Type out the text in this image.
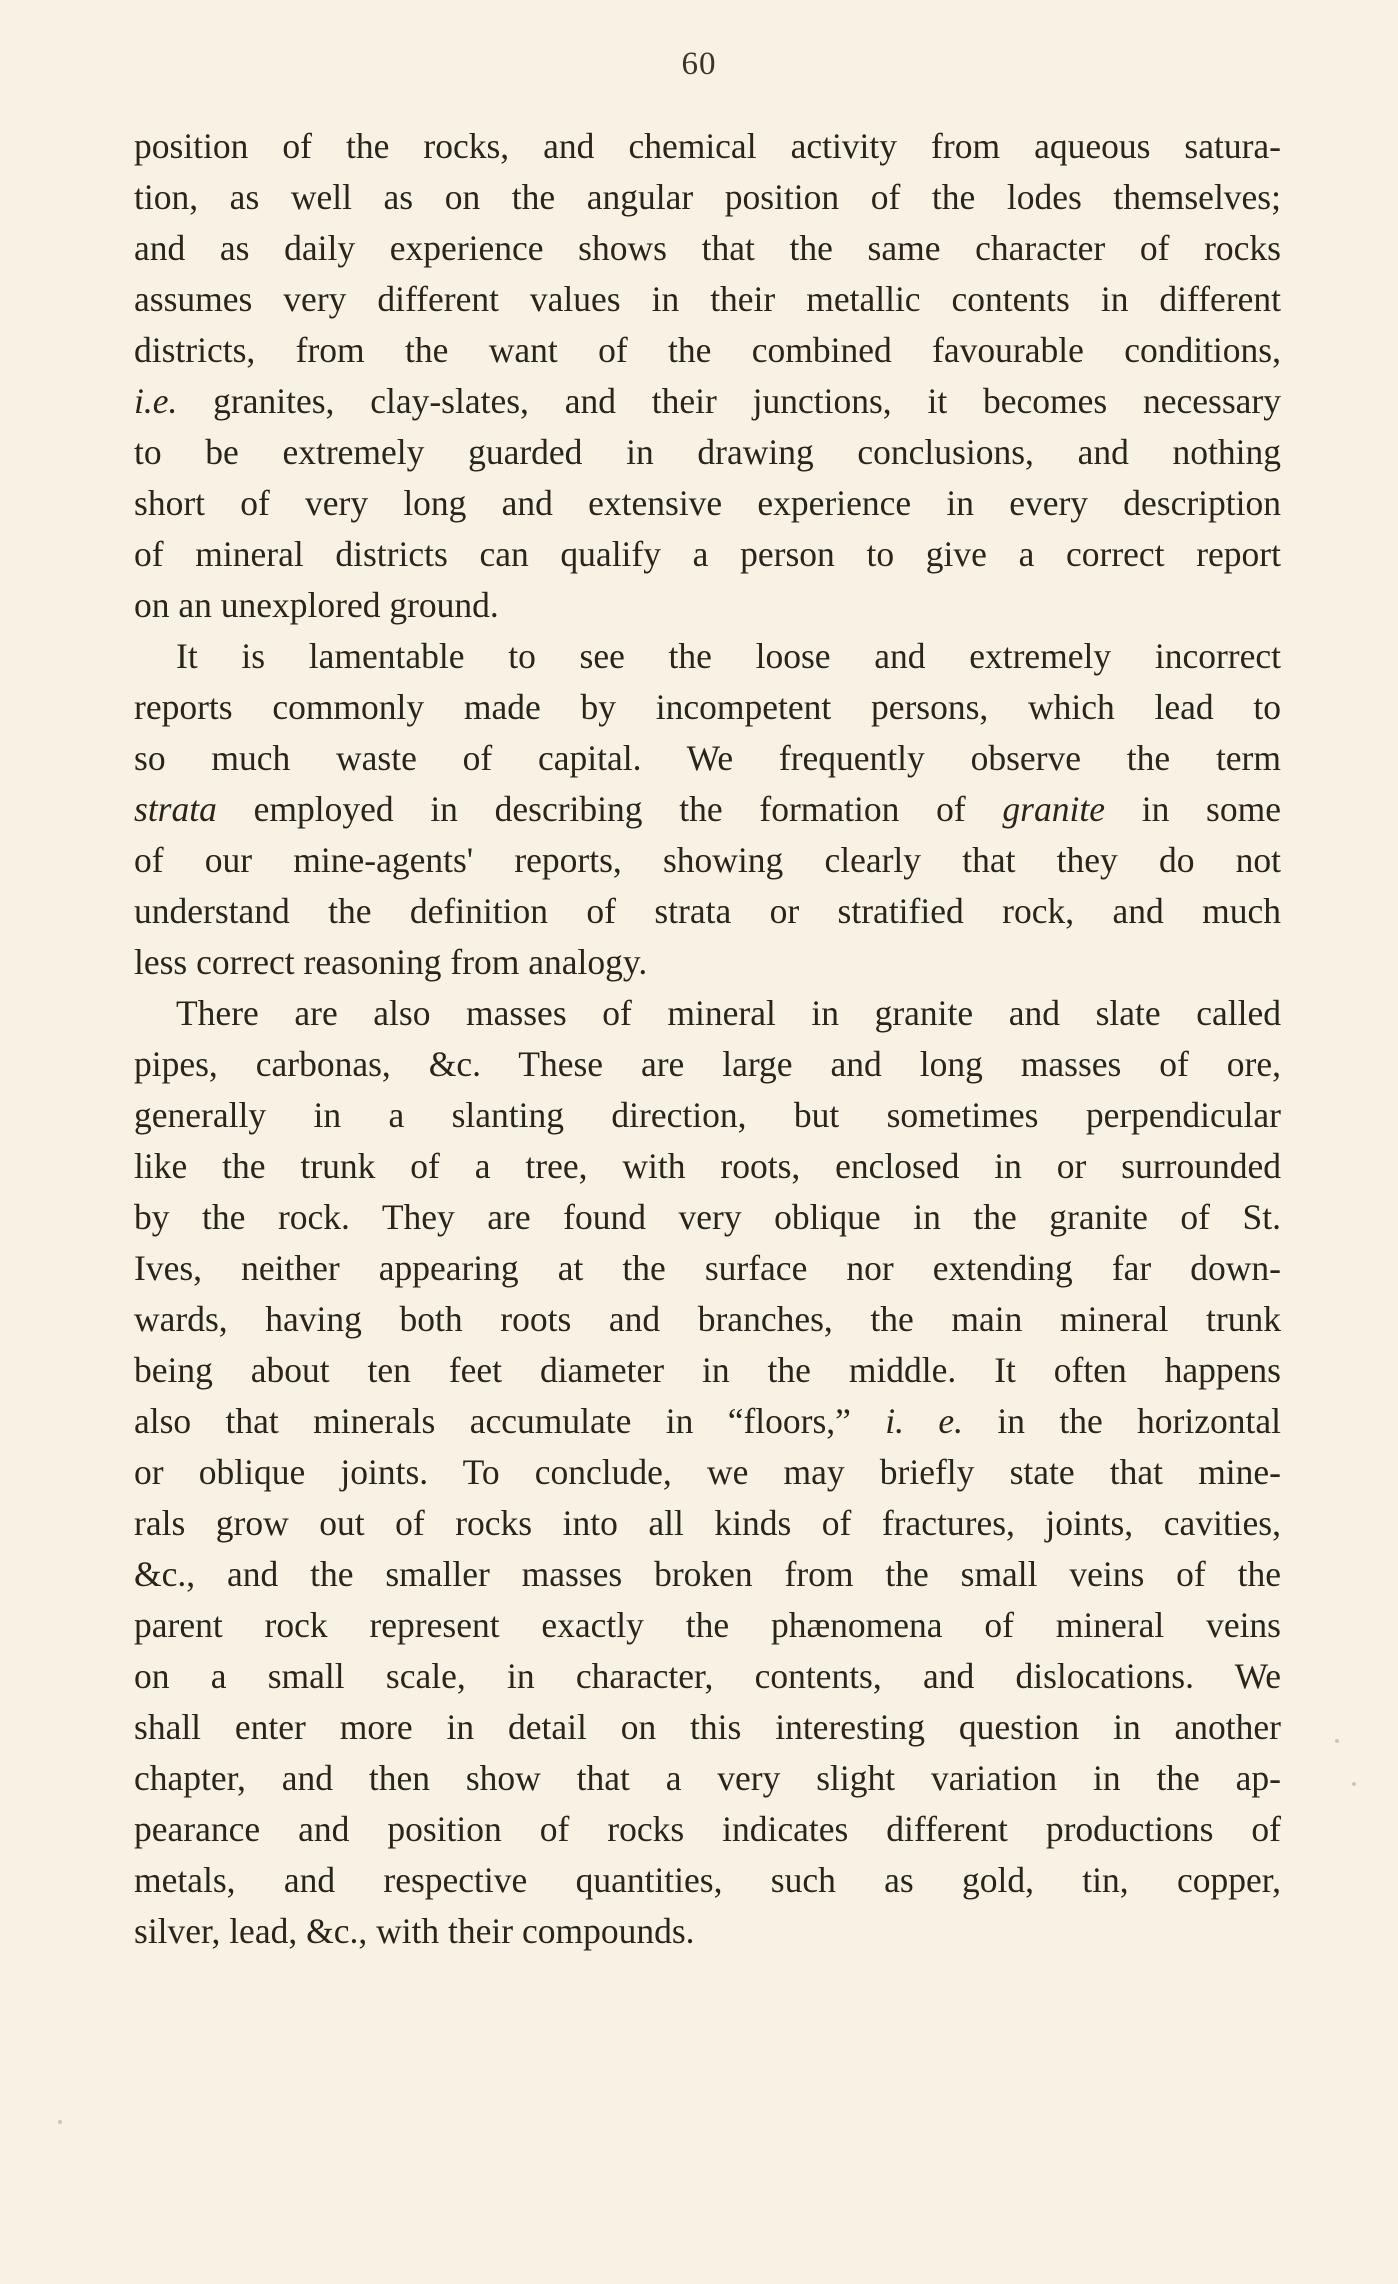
60
position of the rocks, and chemical activity from aqueous satura-
tion, as well as on the angular position of the lodes themselves;
and as daily experience shows that the same character of rocks
assumes very different values in their metallic contents in different
districts, from the want of the combined favourable conditions,
i.e. granites, clay-slates, and their junctions, it becomes necessary
to be extremely guarded in drawing conclusions, and nothing
short of very long and extensive experience in every description
of mineral districts can qualify a person to give a correct report
on an unexplored ground.
It is lamentable to see the loose and extremely incorrect
reports commonly made by incompetent persons, which lead to
so much waste of capital. We frequently observe the term
strata employed in describing the formation of granite in some
of our mine-agents' reports, showing clearly that they do not
understand the definition of strata or stratified rock, and much
less correct reasoning from analogy.
There are also masses of mineral in granite and slate called
pipes, carbonas, &c. These are large and long masses of ore,
generally in a slanting direction, but sometimes perpendicular
like the trunk of a tree, with roots, enclosed in or surrounded
by the rock. They are found very oblique in the granite of St.
Ives, neither appearing at the surface nor extending far down-
wards, having both roots and branches, the main mineral trunk
being about ten feet diameter in the middle. It often happens
also that minerals accumulate in “floors,” i. e. in the horizontal
or oblique joints. To conclude, we may briefly state that mine-
rals grow out of rocks into all kinds of fractures, joints, cavities,
&c., and the smaller masses broken from the small veins of the
parent rock represent exactly the phænomena of mineral veins
on a small scale, in character, contents, and dislocations. We
shall enter more in detail on this interesting question in another
chapter, and then show that a very slight variation in the ap-
pearance and position of rocks indicates different productions of
metals, and respective quantities, such as gold, tin, copper,
silver, lead, &c., with their compounds.
